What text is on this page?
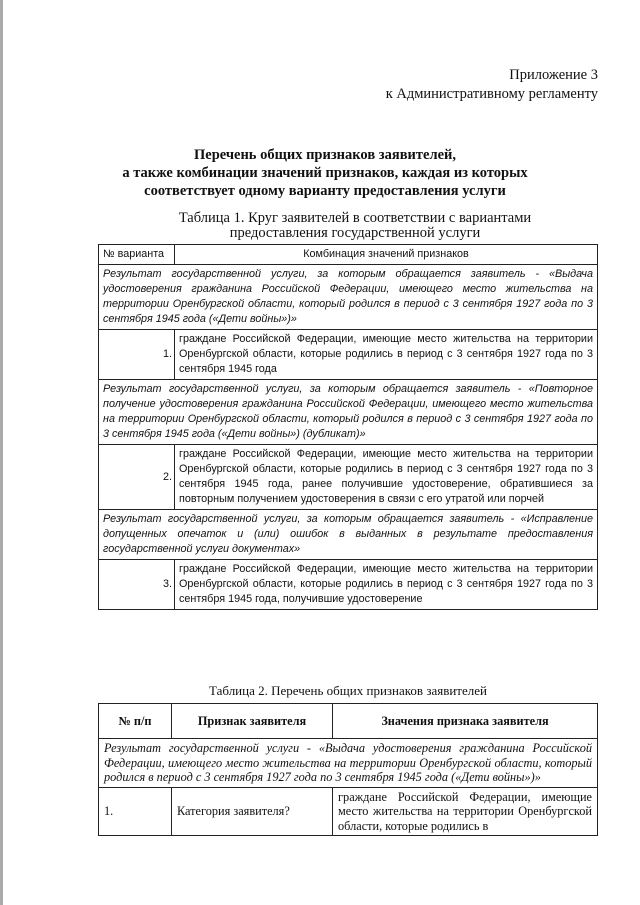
Приложение 3
к Административному регламенту
Перечень общих признаков заявителей,
а также комбинации значений признаков, каждая из которых
соответствует одному варианту предоставления услуги
Таблица 1. Круг заявителей в соответствии с вариантами
предоставления государственной услуги
№ варианта	Комбинация значений признаков
Результат государственной услуги, за которым обращается заявитель - «Выдача удостоверения гражданина Российской Федерации, имеющего место жительства на территории Оренбургской области, который родился в период с 3 сентября 1927 года по 3 сентября 1945 года («Дети войны»)»	
1.	граждане Российской Федерации, имеющие место жительства на территории Оренбургской области, которые родились в период с 3 сентября 1927 года по 3 сентября 1945 года
Результат государственной услуги, за которым обращается заявитель - «Повторное получение удостоверения гражданина Российской Федерации, имеющего место жительства на территории Оренбургской области, который родился в период с 3 сентября 1927 года по 3 сентября 1945 года («Дети войны») (дубликат)»	
2.	граждане Российской Федерации, имеющие место жительства на территории Оренбургской области, которые родились в период с 3 сентября 1927 года по 3 сентября 1945 года, ранее получившие удостоверение, обратившиеся за повторным получением удостоверения в связи с его утратой или порчей
Результат государственной услуги, за которым обращается заявитель - «Исправление допущенных опечаток и (или) ошибок в выданных в результате предоставления государственной услуги документах»	
3.	граждане Российской Федерации, имеющие место жительства на территории Оренбургской области, которые родились в период с 3 сентября 1927 года по 3 сентября 1945 года, получившие удостоверение
Таблица 2. Перечень общих признаков заявителей
№ п/п	Признак заявителя	Значения признака заявителя
Результат государственной услуги - «Выдача удостоверения гражданина Российской Федерации, имеющего место жительства на территории Оренбургской области, который родился в период с 3 сентября 1927 года по 3 сентября 1945 года («Дети войны»)»		
1.	Категория заявителя?	граждане Российской Федерации, имеющие место жительства на территории Оренбургской области, которые родились в
